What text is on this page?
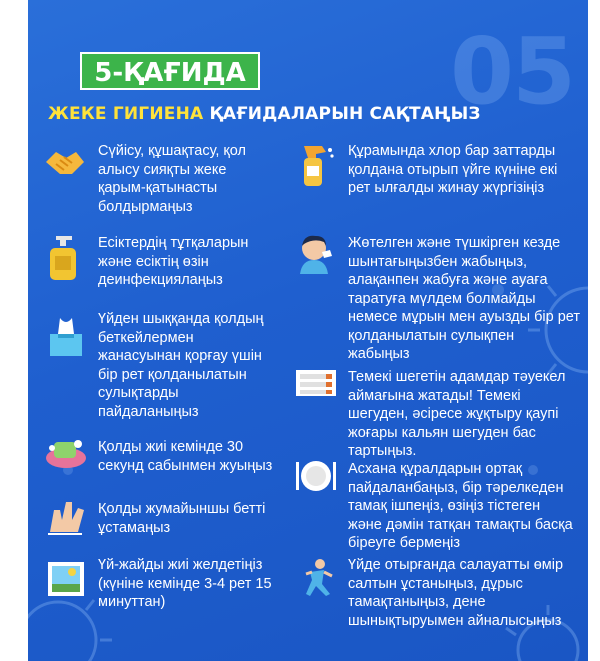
05
5-ҚАҒИДА
ЖЕКЕ ГИГИЕНА ҚАҒИДАЛАРЫН САҚТАҢЫЗ
Сүйісу, құшақтасу, қол
алысу сияқты жеке
қарым-қатынасты
болдырмаңыз
Есіктердің тұтқаларын
және есіктің өзін
деинфекциялаңыз
Үйден шыққанда қолдың
беткейлермен
жанасуынан қорғау үшін
бір рет қолданылатын
сулықтарды
пайдаланыңыз
Қолды жиі кемінде 30
секунд сабынмен жуыңыз
Қолды жумайыншы бетті
ұстамаңыз
Үй-жайды жиі желдетіңіз
(күніне кемінде 3-4 рет 15
минуттан)
Құрамында хлор бар заттарды
қолдана отырып үйге күніне екі
рет ылғалды жинау жүргізіңіз
Жөтелген және түшкірген кезде
шынтағыңызбен жабыңыз,
алақанпен жабуға және ауаға
таратуға мүлдем болмайды
немесе мұрын мен ауызды бір рет
қолданылатын сулықпен
жабыңыз
Темекі шегетін адамдар тәуекел
аймағына жатады! Темекі
шегуден, әсіресе жұқтыру қаупі
жоғары кальян шегуден бас
тартыңыз.
Асхана құралдарын ортақ
пайдаланбаңыз, бір тәрелкеден
тамақ ішпеңіз, өзіңіз тістеген
және дәмін татқан тамақты басқа
біреуге бермеңіз
Үйде отырғанда салауатты өмір
салтын ұстаныңыз, дұрыс
тамақтаныңыз, дене
шынықтыруымен айналысыңыз
